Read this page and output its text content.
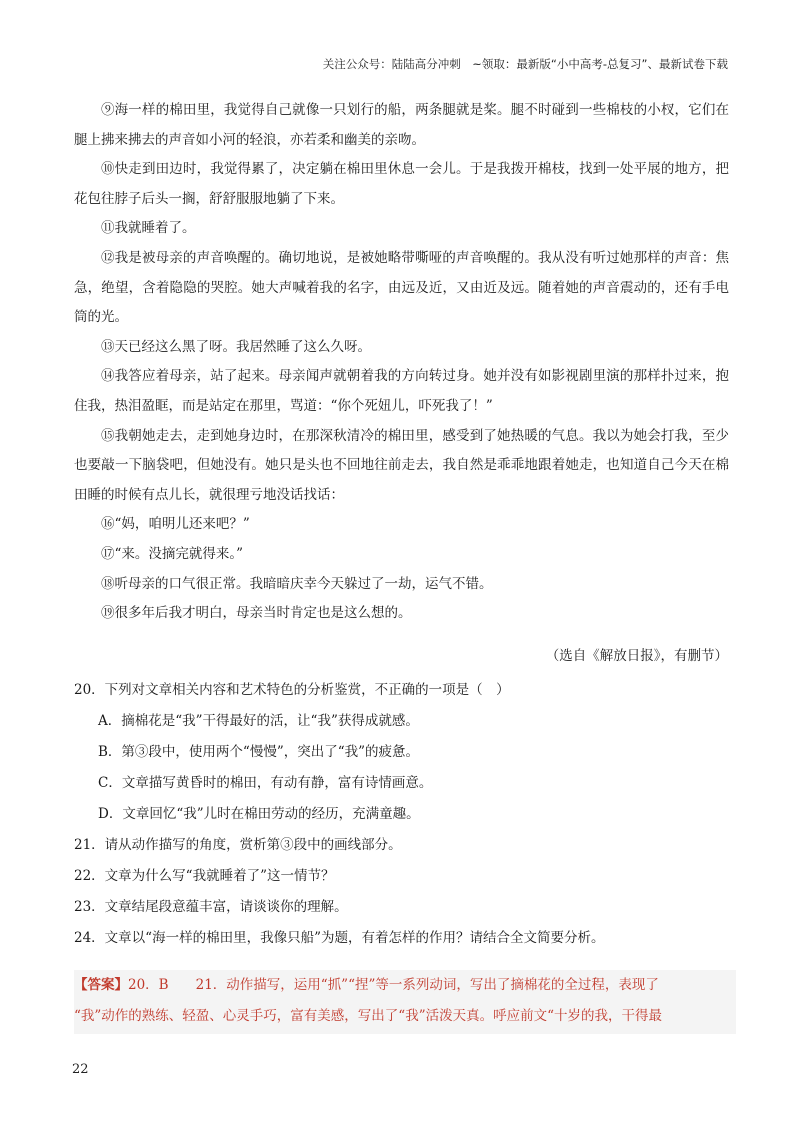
关注公众号：陆陆高分冲刺　~领取：最新版“小中高考-总复习”、最新试卷下载

⑨海一样的棉田里，我觉得自己就像一只划行的船，两条腿就是桨。腿不时碰到一些棉枝的小杈，它们在腿上拂来拂去的声音如小河的轻浪，亦若柔和幽美的亲吻。

⑩快走到田边时，我觉得累了，决定躺在棉田里休息一会儿。于是我拨开棉枝，找到一处平展的地方，把花包往脖子后头一搁，舒舒服服地躺了下来。

⑪我就睡着了。

⑫我是被母亲的声音唤醒的。确切地说，是被她略带嘶哑的声音唤醒的。我从没有听过她那样的声音：焦急，绝望，含着隐隐的哭腔。她大声喊着我的名字，由远及近，又由近及远。随着她的声音震动的，还有手电筒的光。

⑬天已经这么黑了呀。我居然睡了这么久呀。

⑭我答应着母亲，站了起来。母亲闻声就朝着我的方向转过身。她并没有如影视剧里演的那样扑过来，抱住我，热泪盈眶，而是站定在那里，骂道：“你个死妞儿，吓死我了！”

⑮我朝她走去，走到她身边时，在那深秋清冷的棉田里，感受到了她热暖的气息。我以为她会打我，至少也要敲一下脑袋吧，但她没有。她只是头也不回地往前走去，我自然是乖乖地跟着她走，也知道自己今天在棉田睡的时候有点儿长，就很理亏地没话找话：

⑯“妈，咱明儿还来吧？”

⑰“来。没摘完就得来。”

⑱听母亲的口气很正常。我暗暗庆幸今天躲过了一劫，运气不错。

⑲很多年后我才明白，母亲当时肯定也是这么想的。

（选自《解放日报》，有删节）

20．下列对文章相关内容和艺术特色的分析鉴赏，不正确的一项是（　）

A．摘棉花是“我”干得最好的活，让“我”获得成就感。

B．第③段中，使用两个“慢慢”，突出了“我”的疲惫。

C．文章描写黄昏时的棉田，有动有静，富有诗情画意。

D．文章回忆“我”儿时在棉田劳动的经历，充满童趣。

21．请从动作描写的角度，赏析第③段中的画线部分。

22．文章为什么写“我就睡着了”这一情节？

23．文章结尾段意蕴丰富，请谈谈你的理解。

24．文章以“海一样的棉田里，我像只船”为题，有着怎样的作用？请结合全文简要分析。

【答案】20．B　　21．动作描写，运用“抓”“捏”等一系列动词，写出了摘棉花的全过程，表现了

“我”动作的熟练、轻盈、心灵手巧，富有美感，写出了“我”活泼天真。呼应前文“十岁的我，干得最

22
